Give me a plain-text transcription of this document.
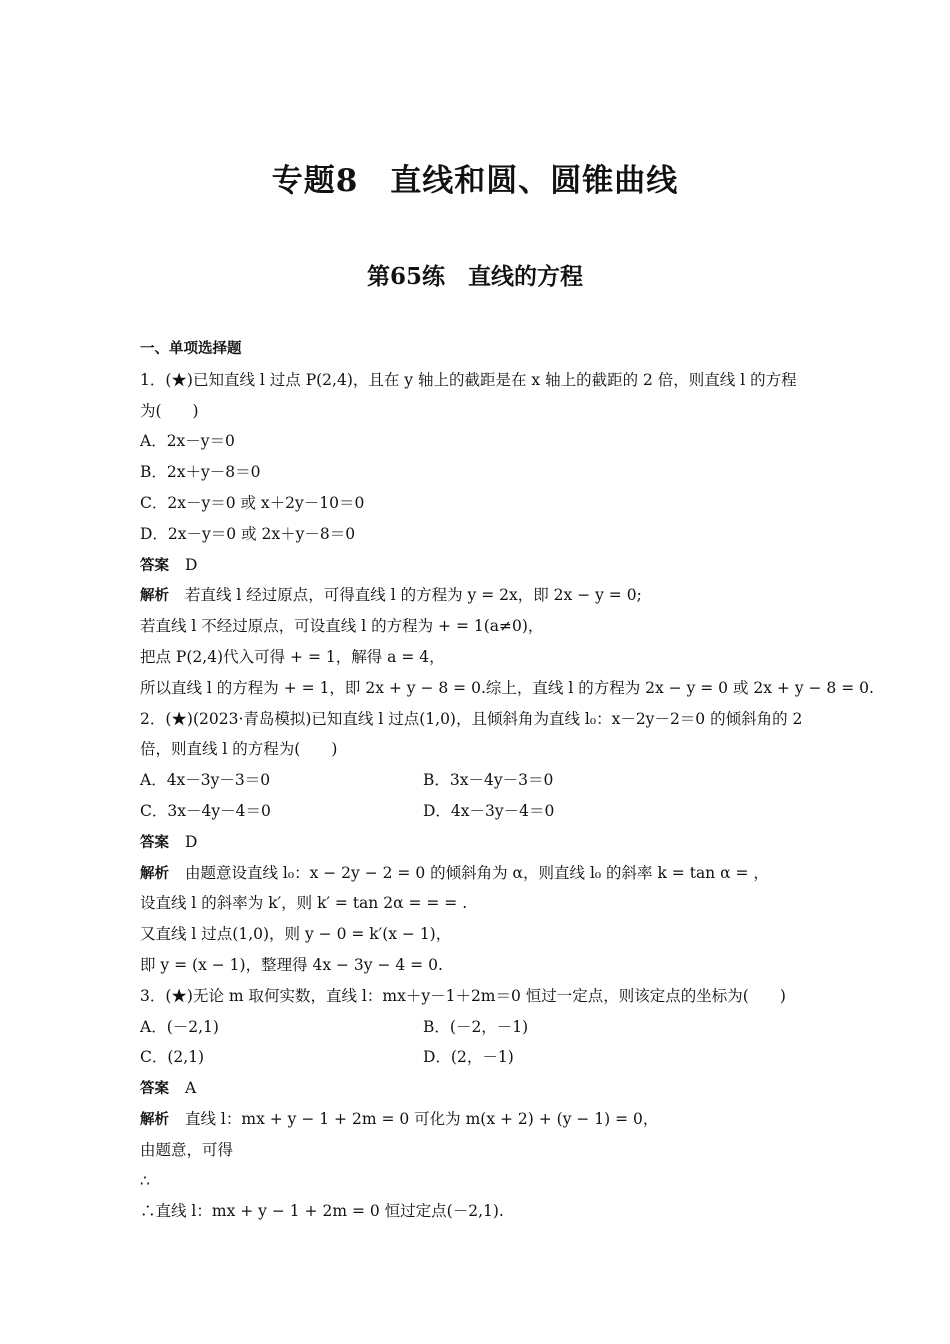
专题8　直线和圆、圆锥曲线
第65练　直线的方程
一、单项选择题
1．(★)已知直线 l 过点 P(2,4)，且在 y 轴上的截距是在 x 轴上的截距的 2 倍，则直线 l 的方程
为(　　)
A．2x－y＝0
B．2x＋y－8＝0
C．2x－y＝0 或 x＋2y－10＝0
D．2x－y＝0 或 2x＋y－8＝0
答案 D
解析 若直线 l 经过原点，可得直线 l 的方程为 y = 2x，即 2x − y = 0;
若直线 l 不经过原点，可设直线 l 的方程为 + = 1(a≠0)，
把点 P(2,4)代入可得 + = 1，解得 a = 4，
所以直线 l 的方程为 + = 1，即 2x + y − 8 = 0.综上，直线 l 的方程为 2x − y = 0 或 2x + y − 8 = 0.
2．(★)(2023·青岛模拟)已知直线 l 过点(1,0)，且倾斜角为直线 l₀：x－2y－2＝0 的倾斜角的 2
倍，则直线 l 的方程为(　　)
A．4x－3y－3＝0	B．3x－4y－3＝0
C．3x－4y－4＝0	D．4x－3y－4＝0
答案 D
解析 由题意设直线 l₀：x − 2y − 2 = 0 的倾斜角为 α，则直线 l₀ 的斜率 k = tan α = ，
设直线 l 的斜率为 k′，则 k′ = tan 2α = = = .
又直线 l 过点(1,0)，则 y − 0 = k′(x − 1)，
即 y = (x − 1)，整理得 4x − 3y − 4 = 0.
3．(★)无论 m 取何实数，直线 l：mx＋y－1＋2m＝0 恒过一定点，则该定点的坐标为(　　)
A．(－2,1)	B．(－2，－1)
C．(2,1)	D．(2，－1)
答案 A
解析 直线 l：mx + y − 1 + 2m = 0 可化为 m(x + 2) + (y − 1) = 0，
由题意，可得
∴
∴直线 l：mx + y − 1 + 2m = 0 恒过定点(－2,1).
